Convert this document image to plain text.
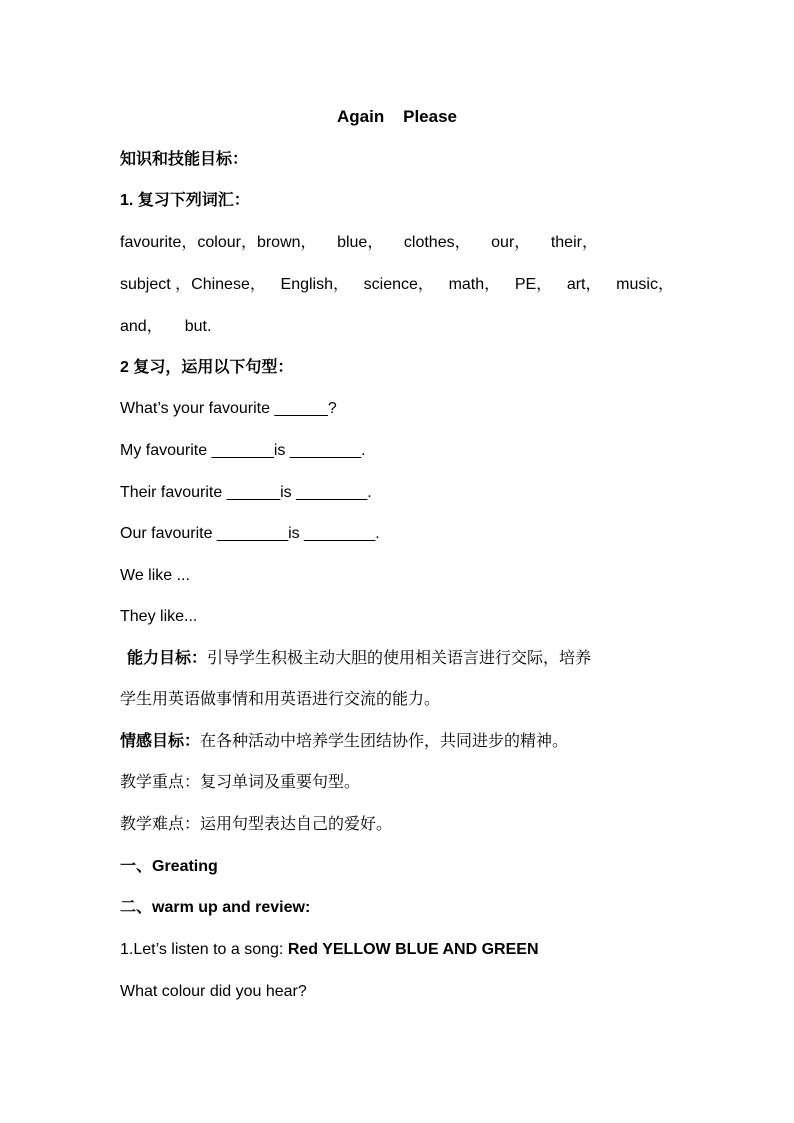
Again    Please
知识和技能目标：
1. 复习下列词汇：
favourite，colour，brown， blue， clothes， our， their，
subject ，Chinese， English， science， math， PE， art， music，
and， but.
2 复习，运用以下句型：
What’s your favourite ______?
My favourite _______is ________.
Their favourite ______is ________.
Our favourite ________is ________.
We like ...
They like...
能力目标：引导学生积极主动大胆的使用相关语言进行交际，培养
学生用英语做事情和用英语进行交流的能力。
情感目标：在各种活动中培养学生团结协作，共同进步的精神。
教学重点：复习单词及重要句型。
教学难点：运用句型表达自己的爱好。
一、Greating
二、warm up and review:
1.Let’s listen to a song: Red YELLOW BLUE AND GREEN
What colour did you hear?
